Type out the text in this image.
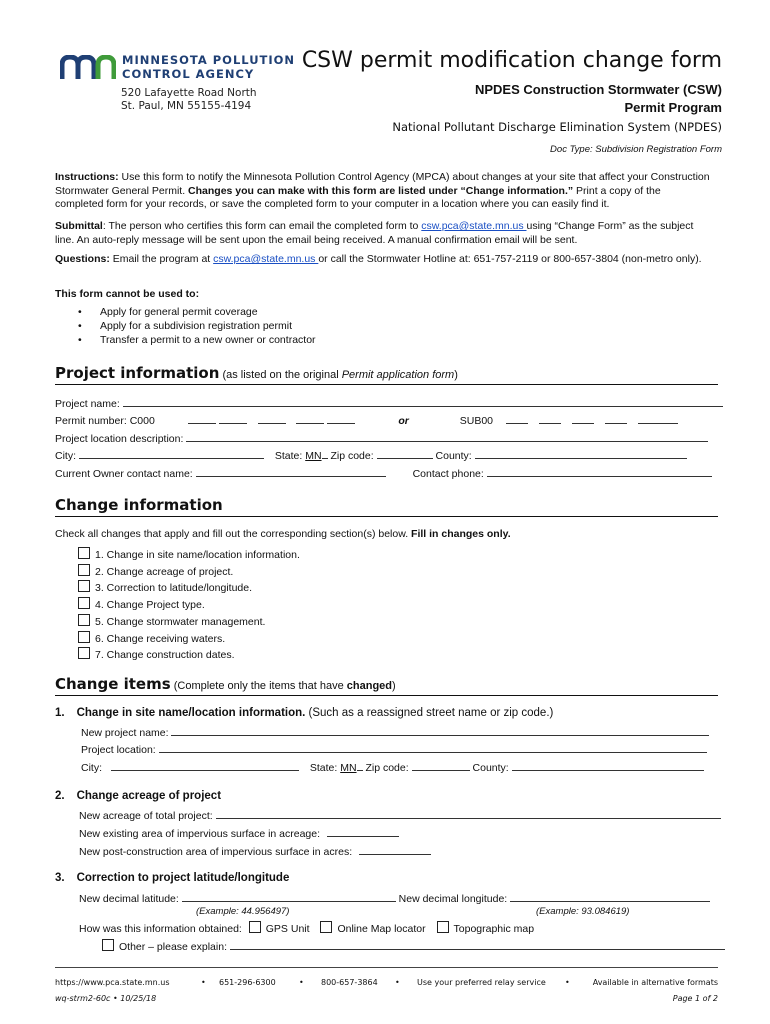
MINNESOTA POLLUTION
CONTROL AGENCY
520 Lafayette Road North
St. Paul, MN 55155-4194
CSW permit modification change form
NPDES Construction Stormwater (CSW)
Permit Program
National Pollutant Discharge Elimination System (NPDES)
Doc Type: Subdivision Registration Form
Instructions: Use this form to notify the Minnesota Pollution Control Agency (MPCA) about changes at your site that affect your Construction Stormwater General Permit. Changes you can make with this form are listed under “Change information.” Print a copy of the completed form for your records, or save the completed form to your computer in a location where you can easily find it.
Submittal: The person who certifies this form can email the completed form to csw.pca@state.mn.us using “Change Form” as the subject line. An auto-reply message will be sent upon the email being received. A manual confirmation email will be sent.
Questions: Email the program at csw.pca@state.mn.us or call the Stormwater Hotline at: 651-757-2119 or 800-657-3804 (non-metro only).
This form cannot be used to:
• Apply for general permit coverage
• Apply for a subdivision registration permit
• Transfer a permit to a new owner or contractor
Project information (as listed on the original Permit application form)
Project name:
Permit number: C000	or	SUB00
Project location description:
City:	State: MN Zip code:	County:
Current Owner contact name:	Contact phone:
Change information
Check all changes that apply and fill out the corresponding section(s) below. Fill in changes only.
1. Change in site name/location information.
2. Change acreage of project.
3. Correction to latitude/longitude.
4. Change Project type.
5. Change stormwater management.
6. Change receiving waters.
7. Change construction dates.
Change items (Complete only the items that have changed)
1. Change in site name/location information. (Such as a reassigned street name or zip code.)
New project name:
Project location:
City:	State: MN Zip code:	County:
2. Change acreage of project
New acreage of total project:
New existing area of impervious surface in acreage:
New post-construction area of impervious surface in acres:
3. Correction to project latitude/longitude
New decimal latitude:	New decimal longitude:
(Example: 44.956497)	(Example: 93.084619)
How was this information obtained: GPS Unit	Online Map locator	Topographic map
Other – please explain:
https://www.pca.state.mn.us	• 651-296-6300	• 800-657-3864 • Use your preferred relay service •	Available in alternative formats
wq-strm2-60c • 10/25/18	Page 1 of 2
